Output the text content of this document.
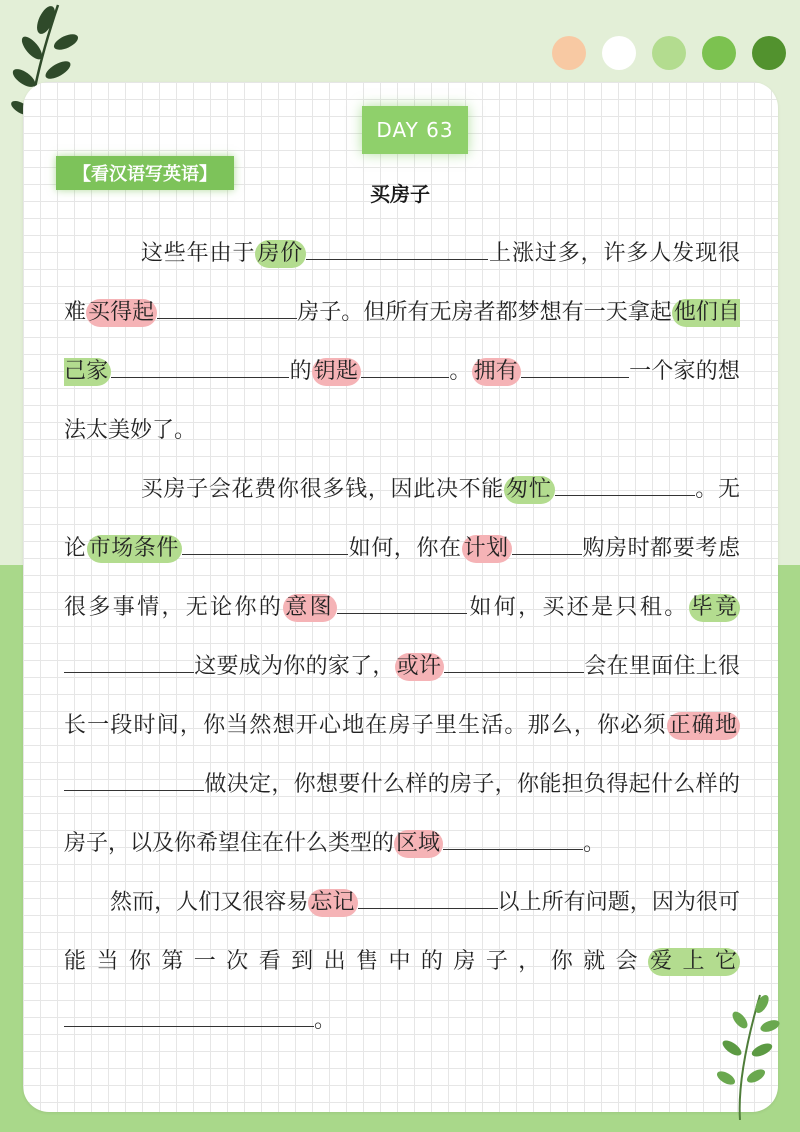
DAY 63
【看汉语写英语】
买房子

这些年由于房价	上涨过多，许多人发现很难买得起	房子。但所有无房者都梦想有一天拿起他们自己家	的钥匙	。拥有	一个家的想法太美妙了。

买房子会花费你很多钱，因此决不能匆忙	。无论市场条件	如何，你在计划	购房时都要考虑很多事情，无论你的意图	如何，买还是只租。毕竟这要成为你的家了，或许	会在里面住上很长一段时间，你当然想开心地在房子里生活。那么，你必须正确地做决定，你想要什么样的房子，你能担负得起什么样的房子，以及你希望住在什么类型的区域	。

然而，人们又很容易忘记	以上所有问题，因为很可能当你第一次看到出售中的房子，你就会爱上它。
